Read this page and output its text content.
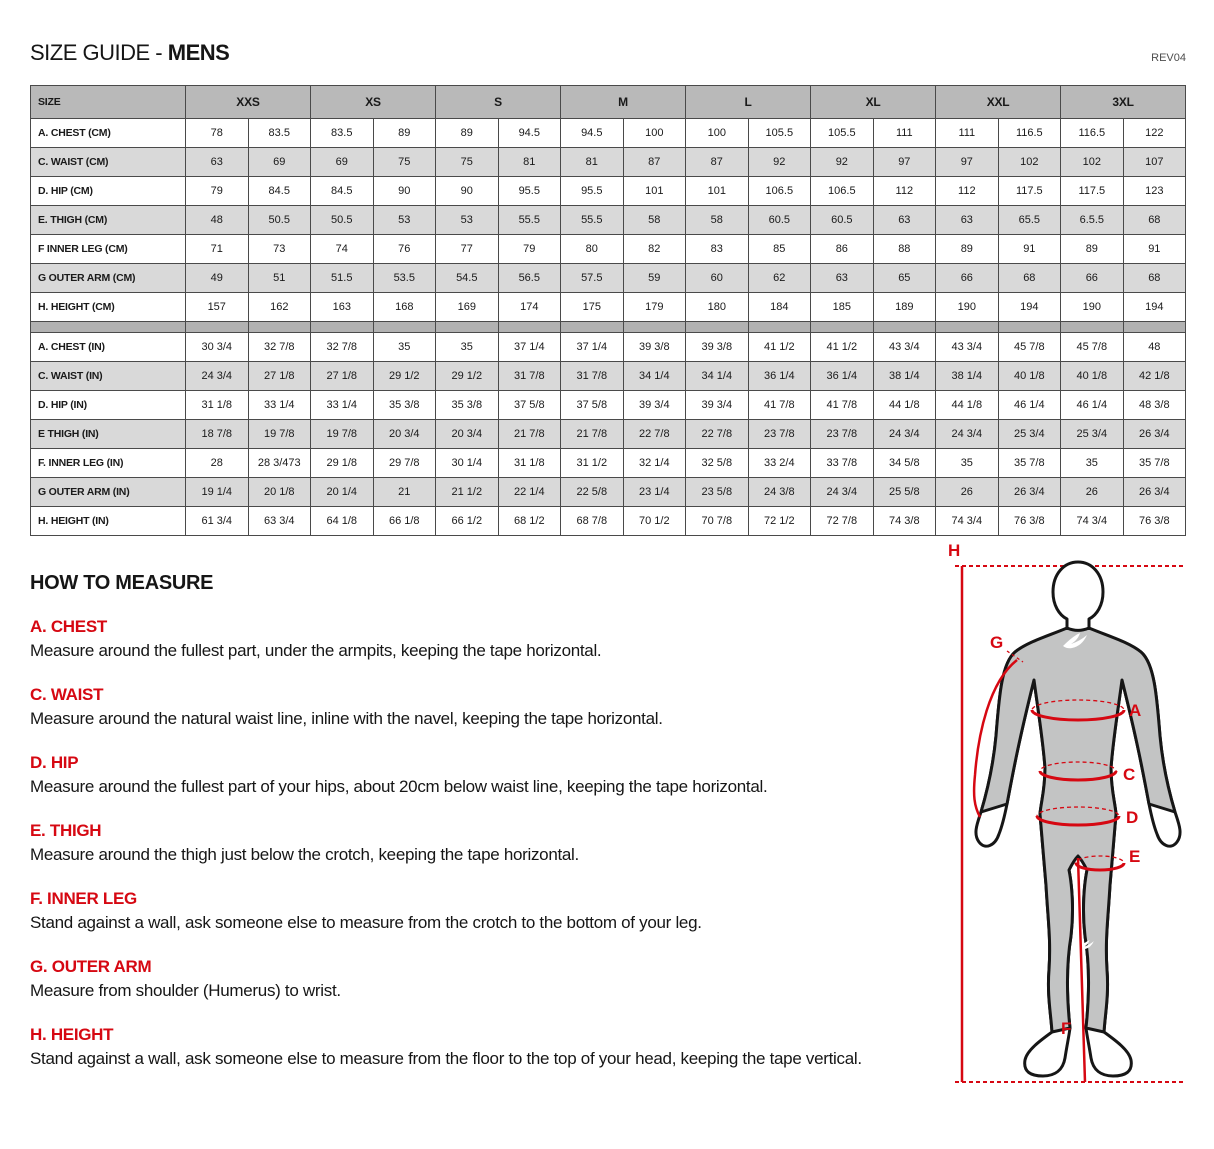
SIZE GUIDE - MENS	REV04
SIZE	XXS		XS		S		M		L		XL		XXL		3XL	
A. CHEST (CM)	78	83.5	83.5	89	89	94.5	94.5	100	100	105.5	105.5	111	111	116.5	116.5	122
C. WAIST (CM)	63	69	69	75	75	81	81	87	87	92	92	97	97	102	102	107
D. HIP (CM)	79	84.5	84.5	90	90	95.5	95.5	101	101	106.5	106.5	112	112	117.5	117.5	123
E. THIGH (CM)	48	50.5	50.5	53	53	55.5	55.5	58	58	60.5	60.5	63	63	65.5	6.5.5	68
F INNER LEG (CM)	71	73	74	76	77	79	80	82	83	85	86	88	89	91	89	91
G OUTER ARM (CM)	49	51	51.5	53.5	54.5	56.5	57.5	59	60	62	63	65	66	68	66	68
H. HEIGHT (CM)	157	162	163	168	169	174	175	179	180	184	185	189	190	194	190	194

A. CHEST (IN)	30 3/4	32 7/8	32 7/8	35	35	37 1/4	37 1/4	39 3/8	39 3/8	41 1/2	41 1/2	43 3/4	43 3/4	45 7/8	45 7/8	48
C. WAIST (IN)	24 3/4	27 1/8	27 1/8	29 1/2	29 1/2	31 7/8	31 7/8	34 1/4	34 1/4	36 1/4	36 1/4	38 1/4	38 1/4	40 1/8	40 1/8	42 1/8
D. HIP (IN)	31 1/8	33 1/4	33 1/4	35 3/8	35 3/8	37 5/8	37 5/8	39 3/4	39 3/4	41 7/8	41 7/8	44 1/8	44 1/8	46 1/4	46 1/4	48 3/8
E THIGH (IN)	18 7/8	19 7/8	19 7/8	20 3/4	20 3/4	21 7/8	21 7/8	22 7/8	22 7/8	23 7/8	23 7/8	24 3/4	24 3/4	25 3/4	25 3/4	26 3/4
F. INNER LEG (IN)	28	28 3/473	29 1/8	29 7/8	30 1/4	31 1/8	31 1/2	32 1/4	32 5/8	33 2/4	33 7/8	34 5/8	35	35 7/8	35	35 7/8
G OUTER ARM (IN)	19 1/4	20 1/8	20 1/4	21	21 1/2	22 1/4	22 5/8	23 1/4	23 5/8	24 3/8	24 3/4	25 5/8	26	26 3/4	26	26 3/4
H. HEIGHT (IN)	61 3/4	63 3/4	64 1/8	66 1/8	66 1/2	68 1/2	68 7/8	70 1/2	70 7/8	72 1/2	72 7/8	74 3/8	74 3/4	76 3/8	74 3/4	76 3/8
HOW TO MEASURE
A. CHEST

Measure around the fullest part, under the armpits, keeping the tape horizontal.

C. WAIST

Measure around the natural waist line, inline with the navel, keeping the tape horizontal.

D. HIP

Measure around the fullest part of your hips, about 20cm below waist line, keeping the tape horizontal.

E. THIGH

Measure around the thigh just below the crotch, keeping the tape horizontal.

F. INNER LEG

Stand against a wall, ask someone else to measure from the crotch to the bottom of your leg.

G. OUTER ARM

Measure from shoulder (Humerus) to wrist.

H. HEIGHT

Stand against a wall, ask someone else to measure from the floor to the top of your head, keeping the tape vertical.

H
A
C
D
E
G
F
